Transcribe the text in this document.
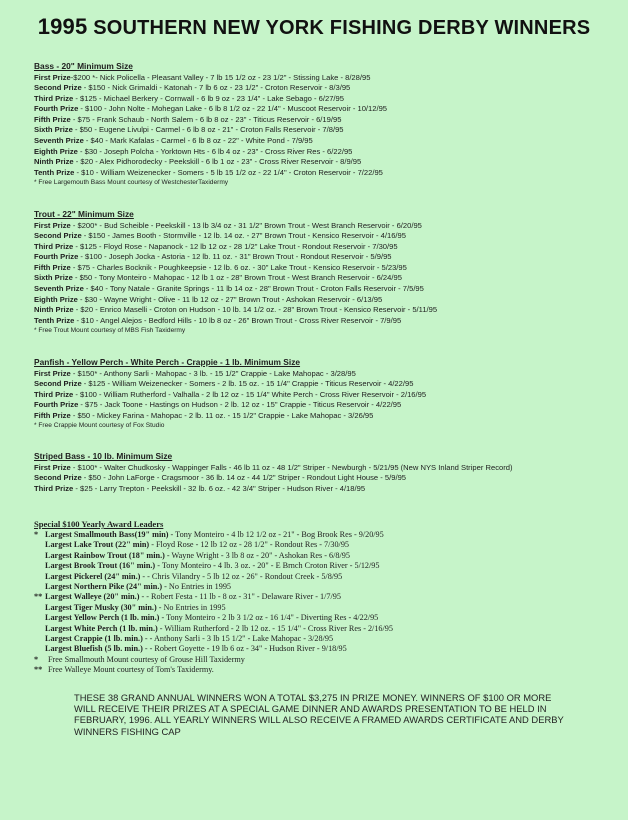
1995 SOUTHERN NEW YORK FISHING DERBY WINNERS
Bass - 20" Minimum Size
First Prize-$200 *- Nick Policella - Pleasant Valley - 7 lb 15 1/2 oz - 23 1/2" - Stissing Lake - 8/28/95
Second Prize - $150 - Nick Grimaldi - Katonah - 7 lb 6 oz - 23 1/2" - Croton Reservoir - 8/3/95
Third Prize - $125 - Michael Berkery - Cornwall - 6 lb 9 oz - 23 1/4" - Lake Sebago - 6/27/95
Fourth Prize - $100 - John Nolte - Mohegan Lake - 6 lb 8 1/2 oz - 22 1/4" - Muscoot Reservoir - 10/12/95
Fifth Prize - $75 - Frank Schaub - North Salem - 6 lb 8 oz - 23" - Titicus Reservoir - 6/19/95
Sixth Prize - $50 - Eugene Livulpi - Carmel - 6 lb 8 oz - 21" - Croton Falls Reservoir - 7/8/95
Seventh Prize - $40 - Mark Kafalas - Carmel - 6 lb 8 oz - 22" - White Pond - 7/9/95
Eighth Prize - $30 - Joseph Polcha - Yorktown Hts - 6 lb 4 oz - 23" - Cross River Res - 6/22/95
Ninth Prize - $20 - Alex Pidhorodecky - Peekskill - 6 lb 1 oz - 23" - Cross River Reservoir - 8/9/95
Tenth Prize - $10 - William Weizenecker - Somers - 5 lb 15 1/2 oz - 22 1/4" - Croton Reservoir - 7/22/95
* Free Largemouth Bass Mount courtesy of WestchesterTaxidermy
Trout - 22" Minimum Size
First Prize - $200* - Bud Scheible - Peekskill - 13 lb 3/4 oz - 31 1/2" Brown Trout - West Branch Reservoir - 6/20/95
Second Prize - $150 - James Booth - Stormville - 12 lb. 14 oz. - 27" Brown Trout - Kensico Reservoir - 4/16/95
Third Prize - $125 - Floyd Rose - Napanock - 12 lb 12 oz - 28 1/2" Lake Trout - Rondout Reservoir - 7/30/95
Fourth Prize - $100 - Joseph Jocka - Astoria - 12 lb. 11 oz. - 31" Brown Trout - Rondout Reservoir - 5/9/95
Fifth Prize - $75 - Charles Bocknik - Poughkeepsie - 12 lb. 6 oz. - 30" Lake Trout - Kensico Reservoir - 5/23/95
Sixth Prize - $50 - Tony Monteiro - Mahopac - 12 lb 1 oz - 28" Brown Trout - West Branch Reservoir - 6/24/95
Seventh Prize - $40 - Tony Natale - Granite Springs - 11 lb 14 oz - 28" Brown Trout - Croton Falls Reservoir - 7/5/95
Eighth Prize - $30 - Wayne Wright - Olive - 11 lb 12 oz - 27" Brown Trout - Ashokan Reservoir - 6/13/95
Ninth Prize - $20 - Enrico Maselli - Croton on Hudson - 10 lb. 14 1/2 oz. - 28" Brown Trout - Kensico Reservoir - 5/11/95
Tenth Prize - $10 - Angel Alejos - Bedford Hills - 10 lb 8 oz - 26" Brown Trout - Cross River Reservoir - 7/9/95
* Free Trout Mount courtesy of MBS Fish Taxidermy
Panfish - Yellow Perch - White Perch - Crappie - 1 lb. Minimum Size
First Prize - $150* - Anthony Sarli - Mahopac - 3 lb. - 15 1/2" Crappie - Lake Mahopac - 3/28/95
Second Prize - $125 - William Weizenecker - Somers - 2 lb. 15 oz. - 15 1/4" Crappie - Titicus Reservoir - 4/22/95
Third Prize - $100 - William Rutherford - Valhalla - 2 lb 12 oz - 15 1/4" White Perch - Cross River Reservoir - 2/16/95
Fourth Prize - $75 - Jack Toone - Hastings on Hudson - 2 lb. 12 oz - 15" Crappie - Titicus Reservoir - 4/22/95
Fifth Prize - $50 - Mickey Farina - Mahopac - 2 lb. 11 oz. - 15 1/2" Crappie - Lake Mahopac - 3/26/95
* Free Crappie Mount courtesy of Fox Studio
Striped Bass - 10 lb. Minimum Size
First Prize - $100* - Walter Chudkosky - Wappinger Falls - 46 lb 11 oz - 48 1/2" Striper - Newburgh - 5/21/95 (New NYS Inland Striper Record)
Second Prize - $50 - John LaForge - Cragsmoor - 36 lb. 14 oz - 44 1/2" Striper - Rondout Light House - 5/9/95
Third Prize - $25 - Larry Trepton - Peekskill - 32 lb. 6 oz. - 42 3/4" Striper - Hudson River - 4/18/95
Special $100 Yearly Award Leaders
* Largest Smallmouth Bass(19" min) - Tony Monteiro - 4 lb 12 1/2 oz - 21" - Bog Brook Res - 9/20/95
Largest Lake Trout (22" min) - Floyd Rose - 12 lb 12 oz - 28 1/2" - Rondout Res - 7/30/95
Largest Rainbow Trout (18" min.) - Wayne Wright - 3 lb 8 oz - 20" - Ashokan Res - 6/8/95
Largest Brook Trout (16" min.) - Tony Monteiro - 4 lb. 3 oz. - 20" - E Brnch Croton River - 5/12/95
Largest Pickerel (24" min.) - - Chris Vilandry - 5 lb 12 oz - 26" - Rondout Creek - 5/8/95
Largest Northern Pike (24" min.) - No Entries in 1995
** Largest Walleye (20" min.) - - Robert Festa - 11 lb - 8 oz - 31" - Delaware River - 1/7/95
Largest Tiger Musky (30" min.) - No Entries in 1995
Largest Yellow Perch (1 lb. min.) - Tony Monteiro - 2 lb 3 1/2 oz - 16 1/4" - Diverting Res - 4/22/95
Largest White Perch (1 lb. min.) - William Rutherford - 2 lb 12 oz. - 15 1/4" - Cross River Res - 2/16/95
Largest Crappie (1 lb. min.) - - Anthony Sarli - 3 lb 15 1/2" - Lake Mahopac - 3/28/95
Largest Bluefish (5 lb. min.) - - Robert Goyette - 19 lb 6 oz - 34" - Hudson River - 9/18/95
* Free Smallmouth Mount courtesy of Grouse Hill Taxidermy
** Free Walleye Mount courtesy of Tom's Taxidermy.
THESE 38 GRAND ANNUAL WINNERS WON A TOTAL $3,275 IN PRIZE MONEY. WINNERS OF $100 OR MORE WILL RECEIVE THEIR PRIZES AT A SPECIAL GAME DINNER AND AWARDS PRESENTATION TO BE HELD IN FEBRUARY, 1996. ALL YEARLY WINNERS WILL ALSO RECEIVE A FRAMED AWARDS CERTIFICATE AND DERBY WINNERS FISHING CAP
